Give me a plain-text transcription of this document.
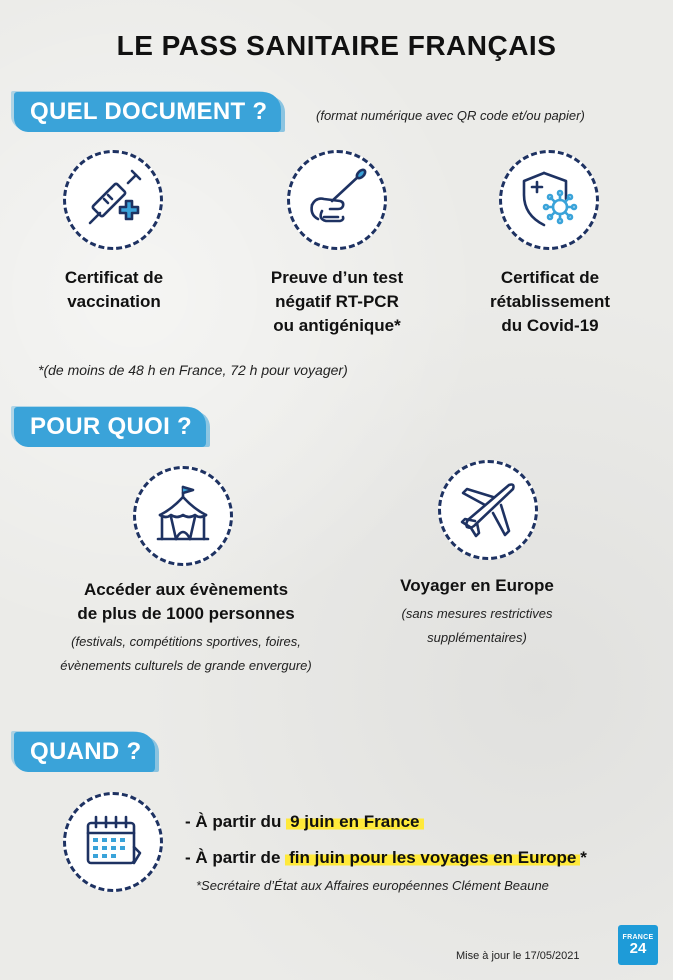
LE PASS SANITAIRE FRANÇAIS
QUEL DOCUMENT ?	(format numérique avec QR code et/ou papier)
Certificat de
vaccination
Preuve d’un test
négatif RT-PCR
ou antigénique*
Certificat de
rétablissement
du Covid-19
*(de moins de 48 h en France, 72 h pour voyager)
POUR QUOI ?
Accéder aux évènements
de plus de 1000 personnes
(festivals, compétitions sportives, foires, évènements culturels de grande envergure)
Voyager en Europe
(sans mesures restrictives supplémentaires)
QUAND ?
- À partir du 9 juin en France
- À partir de fin juin pour les voyages en Europe *
*Secrétaire d’État aux Affaires européennes Clément Beaune
Mise à jour le 17/05/2021
FRANCE
24
